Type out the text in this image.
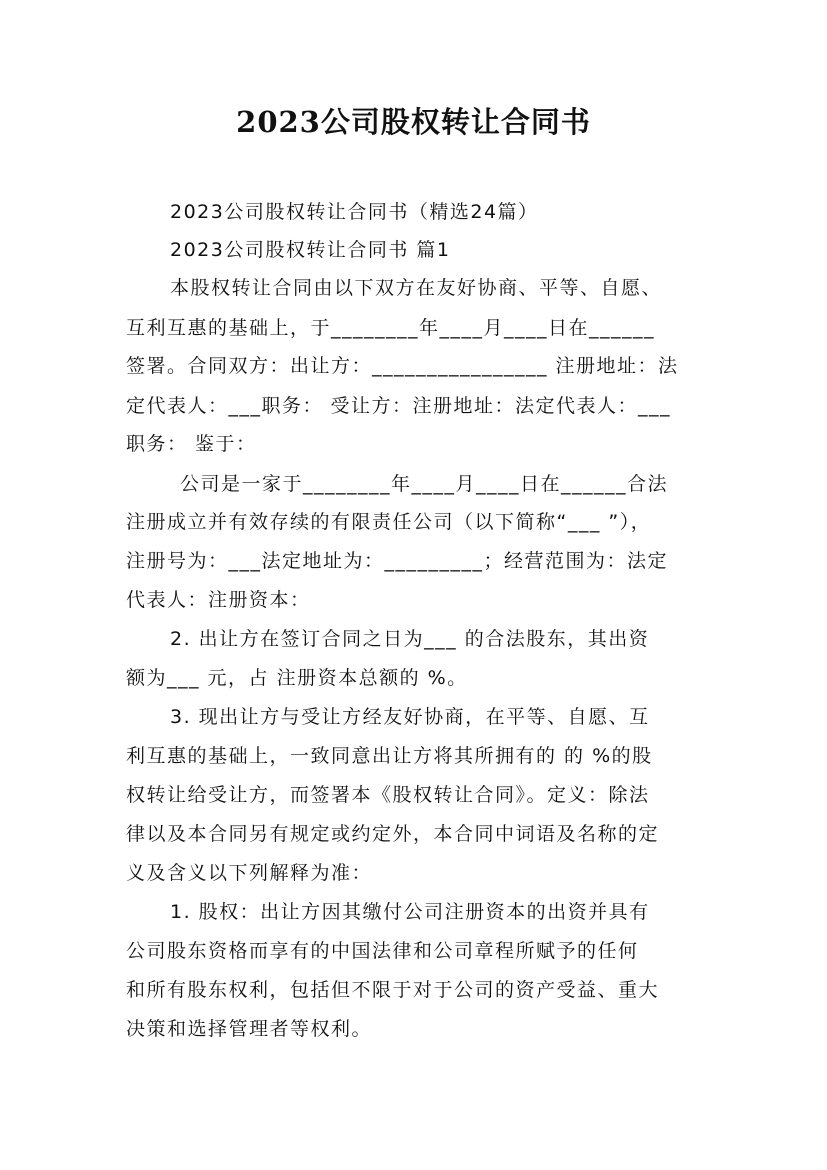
2023公司股权转让合同书
2023公司股权转让合同书（精选24篇）
2023公司股权转让合同书 篇1
本股权转让合同由以下双方在友好协商、平等、自愿、
互利互惠的基础上，于________年____月____日在______
签署。合同双方：出让方：________________ 注册地址：法
定代表人：___职务： 受让方：注册地址：法定代表人：___
职务： 鉴于：
公司是一家于________年____月____日在______合法
注册成立并有效存续的有限责任公司（以下简称“___ ”），
注册号为：___法定地址为：_________；经营范围为：法定
代表人：注册资本：
2. 出让方在签订合同之日为___ 的合法股东，其出资
额为___ 元，占 注册资本总额的 %。
3. 现出让方与受让方经友好协商，在平等、自愿、互
利互惠的基础上，一致同意出让方将其所拥有的 的 %的股
权转让给受让方，而签署本《股权转让合同》。定义：除法
律以及本合同另有规定或约定外，本合同中词语及名称的定
义及含义以下列解释为准：
1. 股权：出让方因其缴付公司注册资本的出资并具有
公司股东资格而享有的中国法律和公司章程所赋予的任何
和所有股东权利，包括但不限于对于公司的资产受益、重大
决策和选择管理者等权利。
